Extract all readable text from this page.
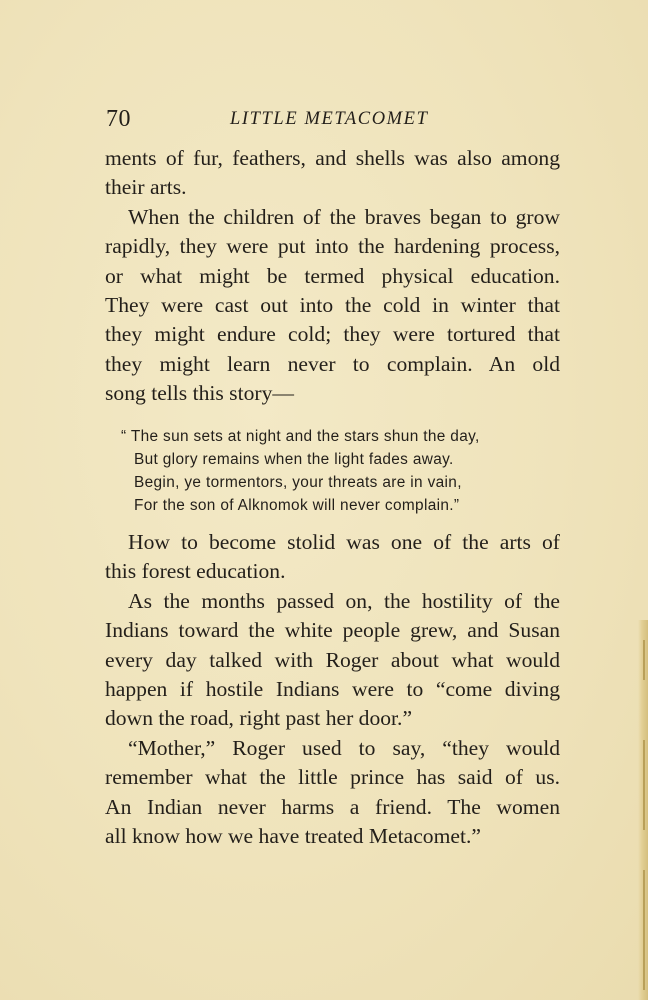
70	LITTLE METACOMET
ments of fur, feathers, and shells was also among
their arts.
When the children of the braves began to grow
rapidly, they were put into the hardening process,
or what might be termed physical education.
They were cast out into the cold in winter that
they might endure cold; they were tortured that
they might learn never to complain. An old
song tells this story—
“ The sun sets at night and the stars shun the day,
But glory remains when the light fades away.
Begin, ye tormentors, your threats are in vain,
For the son of Alknomok will never complain.”
How to become stolid was one of the arts of
this forest education.
As the months passed on, the hostility of the
Indians toward the white people grew, and Susan
every day talked with Roger about what would
happen if hostile Indians were to “come diving
down the road, right past her door.”
“Mother,” Roger used to say, “they would
remember what the little prince has said of us.
An Indian never harms a friend. The women
all know how we have treated Metacomet.”
